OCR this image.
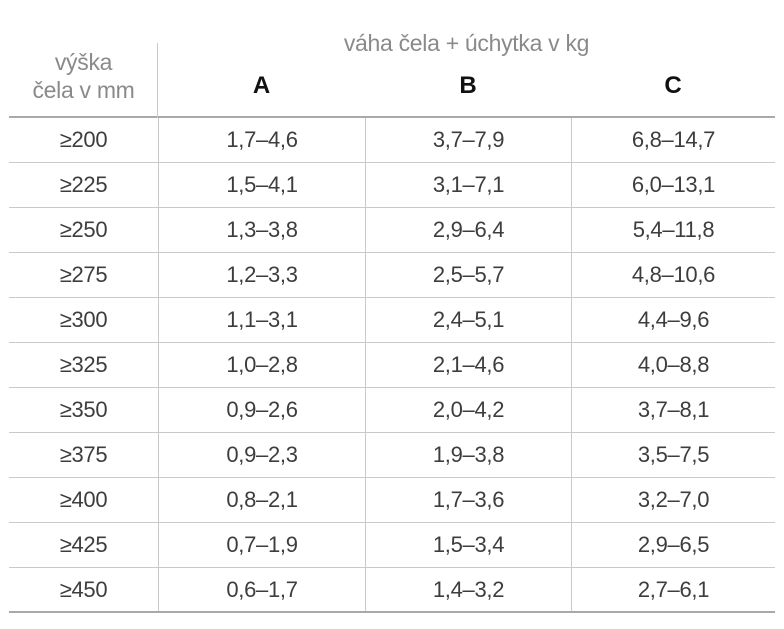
výška
čela v mm
váha čela + úchytka v kg
A	B	C
≥200	1,7–4,6	3,7–7,9	6,8–14,7
≥225	1,5–4,1	3,1–7,1	6,0–13,1
≥250	1,3–3,8	2,9–6,4	5,4–11,8
≥275	1,2–3,3	2,5–5,7	4,8–10,6
≥300	1,1–3,1	2,4–5,1	4,4–9,6
≥325	1,0–2,8	2,1–4,6	4,0–8,8
≥350	0,9–2,6	2,0–4,2	3,7–8,1
≥375	0,9–2,3	1,9–3,8	3,5–7,5
≥400	0,8–2,1	1,7–3,6	3,2–7,0
≥425	0,7–1,9	1,5–3,4	2,9–6,5
≥450	0,6–1,7	1,4–3,2	2,7–6,1
